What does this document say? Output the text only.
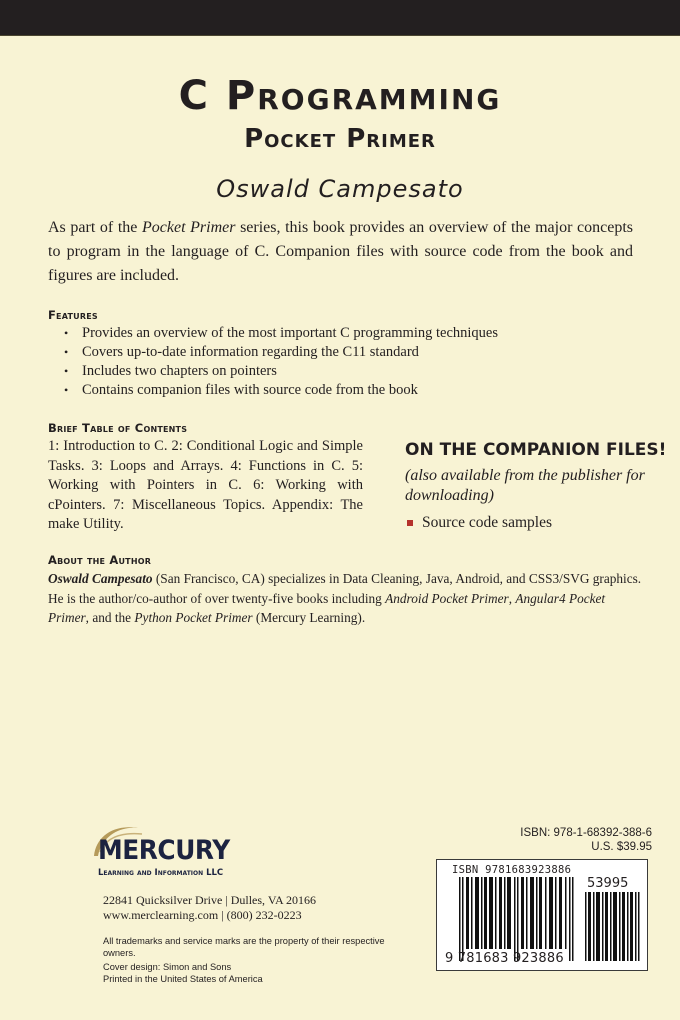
C Programming
Pocket Primer
Oswald Campesato
As part of the Pocket Primer series, this book provides an overview of the major concepts to program in the language of C. Companion files with source code from the book and figures are included.
Features
• Provides an overview of the most important C programming techniques
• Covers up-to-date information regarding the C11 standard
• Includes two chapters on pointers
• Contains companion files with source code from the book
Brief Table of Contents

1: Introduction to C. 2: Conditional Logic and Simple Tasks. 3: Loops and Arrays. 4: Functions in C. 5: Working with Pointers in C. 6: Working with cPointers. 7: Miscellaneous Topics. Appendix: The make Utility.

ON THE COMPANION FILES!
(also available from the publisher for downloading)
Source code samples
About the Author

Oswald Campesato (San Francisco, CA) specializes in Data Cleaning, Java, Android, and CSS3/SVG graphics. He is the author/co-author of over twenty-five books including Android Pocket Primer, Angular4 Pocket Primer, and the Python Pocket Primer (Mercury Learning).

MERCURY
Learning and Information LLC
22841 Quicksilver Drive | Dulles, VA 20166
www.merclearning.com | (800) 232-0223

All trademarks and service marks are the property of their respective owners.

Cover design: Simon and Sons

Printed in the United States of America

ISBN: 978-1-68392-388-6
U.S. $39.95
ISBN 9781683923886
53995
9 781683 923886
